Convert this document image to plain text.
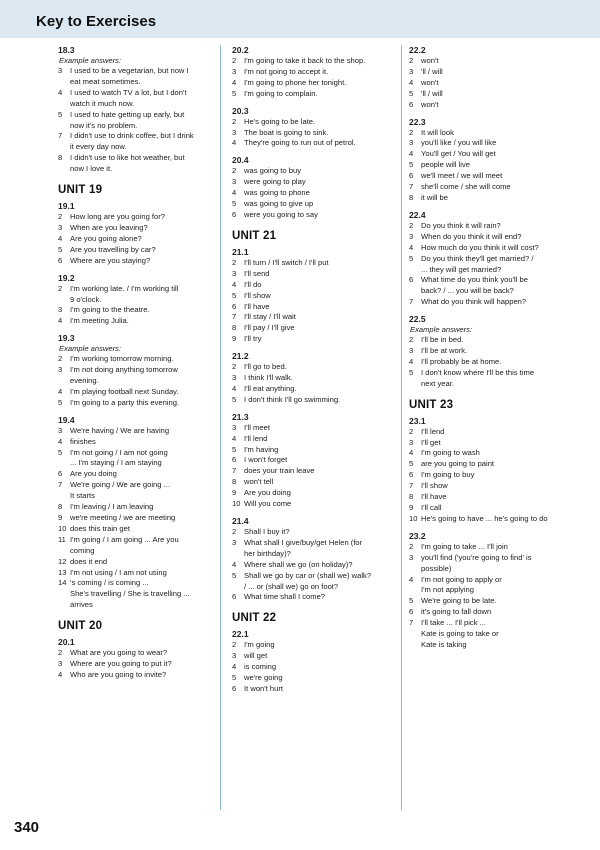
Key to Exercises
18.3
Example answers:
3 I used to be a vegetarian, but now I
eat meat sometimes.
4 I used to watch TV a lot, but I don't
watch it much now.
5 I used to hate getting up early, but
now it's no problem.
7 I didn't use to drink coffee, but I drink
it every day now.
8 I didn't use to like hot weather, but
now I love it.
UNIT 19
19.1
2 How long are you going for?
3 When are you leaving?
4 Are you going alone?
5 Are you travelling by car?
6 Where are you staying?
19.2
2 I'm working late. / I'm working till
9 o'clock.
3 I'm going to the theatre.
4 I'm meeting Julia.
19.3
Example answers:
2 I'm working tomorrow morning.
3 I'm not doing anything tomorrow
evening.
4 I'm playing football next Sunday.
5 I'm going to a party this evening.
19.4
3 We're having / We are having
4 finishes
5 I'm not going / I am not going
... I'm staying / I am staying
6 Are you doing
7 We're going / We are going ...
It starts
8 I'm leaving / I am leaving
9 we're meeting / we are meeting
10 does this train get
11 I'm going / I am going ... Are you
coming
12 does it end
13 I'm not using / I am not using
14 's coming / is coming ...
She's travelling / She is travelling ...
arrives
UNIT 20
20.1
2 What are you going to wear?
3 Where are you going to put it?
4 Who are you going to invite?
20.2
2 I'm going to take it back to the shop.
3 I'm not going to accept it.
4 I'm going to phone her tonight.
5 I'm going to complain.
20.3
2 He's going to be late.
3 The boat is going to sink.
4 They're going to run out of petrol.
20.4
2 was going to buy
3 were going to play
4 was going to phone
5 was going to give up
6 were you going to say
UNIT 21
21.1
2 I'll turn / I'll switch / I'll put
3 I'll send
4 I'll do
5 I'll show
6 I'll have
7 I'll stay / I'll wait
8 I'll pay / I'll give
9 I'll try
21.2
2 I'll go to bed.
3 I think I'll walk.
4 I'll eat anything.
5 I don't think I'll go swimming.
21.3
3 I'll meet
4 I'll lend
5 I'm having
6 I won't forget
7 does your train leave
8 won't tell
9 Are you doing
10 Will you come
21.4
2 Shall I buy it?
3 What shall I give/buy/get Helen (for
her birthday)?
4 Where shall we go (on holiday)?
5 Shall we go by car or (shall we) walk?
/ ... or (shall we) go on foot?
6 What time shall I come?
UNIT 22
22.1
2 I'm going
3 will get
4 is coming
5 we're going
6 It won't hurt
22.2
2 won't
3 'll / will
4 won't
5 'll / will
6 won't
22.3
2 It will look
3 you'll like / you will like
4 You'll get / You will get
5 people will live
6 we'll meet / we will meet
7 she'll come / she will come
8 it will be
22.4
2 Do you think it will rain?
3 When do you think it will end?
4 How much do you think it will cost?
5 Do you think they'll get married? /
... they will get married?
6 What time do you think you'll be
back? / ... you will be back?
7 What do you think will happen?
22.5
Example answers:
2 I'll be in bed.
3 I'll be at work.
4 I'll probably be at home.
5 I don't know where I'll be this time
next year.
UNIT 23
23.1
2 I'll lend
3 I'll get
4 I'm going to wash
5 are you going to paint
6 I'm going to buy
7 I'll show
8 I'll have
9 I'll call
10 He's going to have ... he's going to do
23.2
2 I'm going to take ... I'll join
3 you'll find ('you're going to find' is
possible)
4 I'm not going to apply or
I'm not applying
5 We're going to be late.
6 it's going to fall down
7 I'll take ... I'll pick ...
Kate is going to take or
Kate is taking
340
